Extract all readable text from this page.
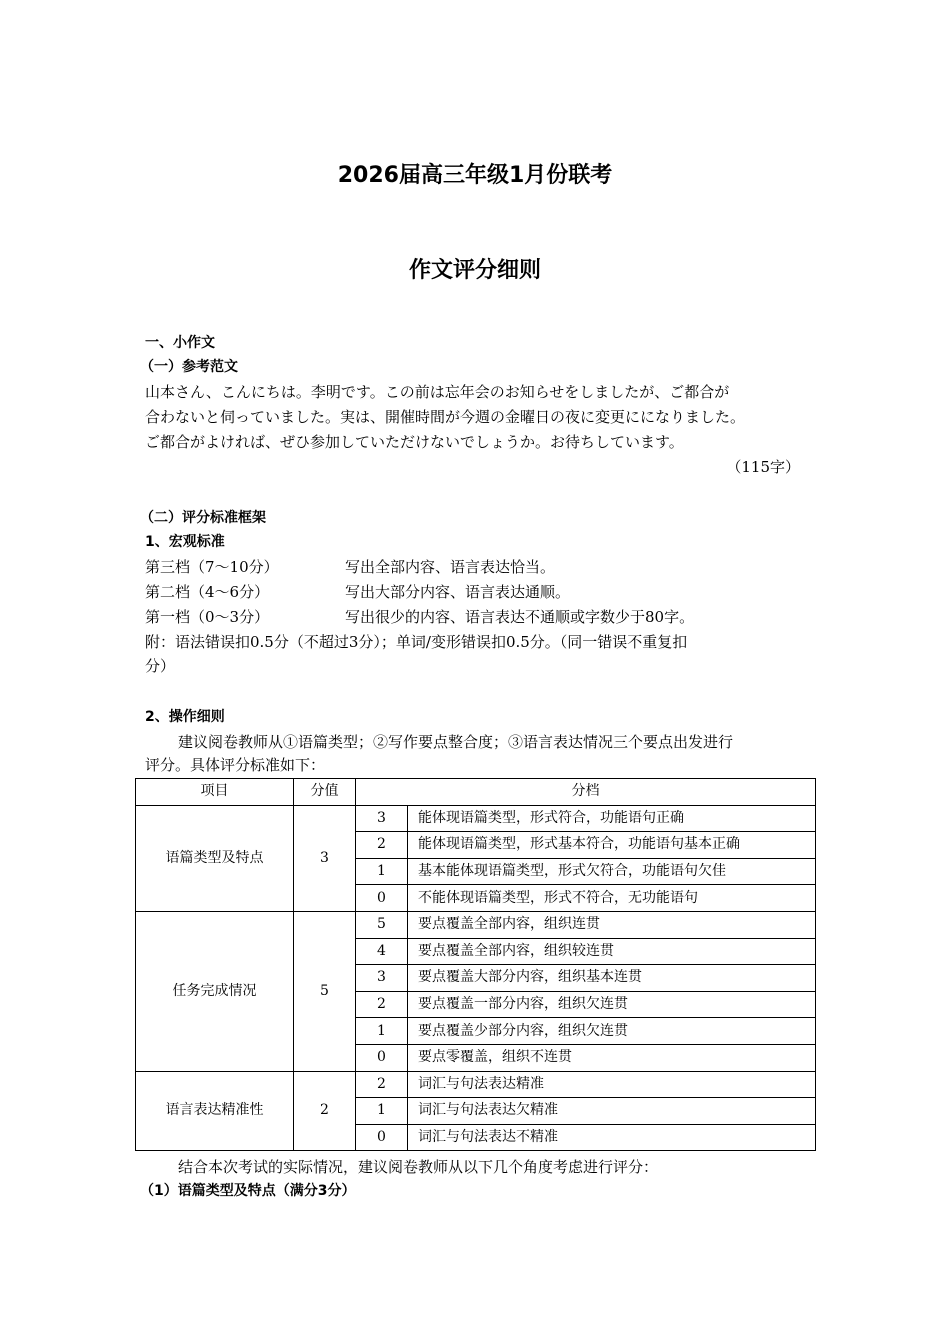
2026届高三年级1月份联考
作文评分细则
一、小作文
（一）参考范文
山本さん、こんにちは。李明です。この前は忘年会のお知らせをしましたが、ご都合が
合わないと伺っていました。実は、開催時間が今週の金曜日の夜に変更にになりました。
ご都合がよければ、ぜひ参加していただけないでしょうか。お待ちしています。
（115字）
（二）评分标准框架
1、宏观标准
第三档（7～10分）	写出全部内容、语言表达恰当。
第二档（4～6分）	写出大部分内容、语言表达通顺。
第一档（0～3分）	写出很少的内容、语言表达不通顺或字数少于80字。
附：语法错误扣0.5分（不超过3分）；单词/变形错误扣0.5分。（同一错误不重复扣
分）
2、操作细则
建议阅卷教师从①语篇类型；②写作要点整合度；③语言表达情况三个要点出发进行
评分。具体评分标准如下：
项目	分值	分档	
语篇类型及特点	3	3	能体现语篇类型，形式符合，功能语句正确
		2	能体现语篇类型，形式基本符合，功能语句基本正确
		1	基本能体现语篇类型，形式欠符合，功能语句欠佳
		0	不能体现语篇类型，形式不符合，无功能语句
任务完成情况	5	5	要点覆盖全部内容，组织连贯
		4	要点覆盖全部内容，组织较连贯
		3	要点覆盖大部分内容，组织基本连贯
		2	要点覆盖一部分内容，组织欠连贯
		1	要点覆盖少部分内容，组织欠连贯
		0	要点零覆盖，组织不连贯
语言表达精准性	2	2	词汇与句法表达精准
		1	词汇与句法表达欠精准
		0	词汇与句法表达不精准
结合本次考试的实际情况，建议阅卷教师从以下几个角度考虑进行评分：
（1）语篇类型及特点（满分3分）
